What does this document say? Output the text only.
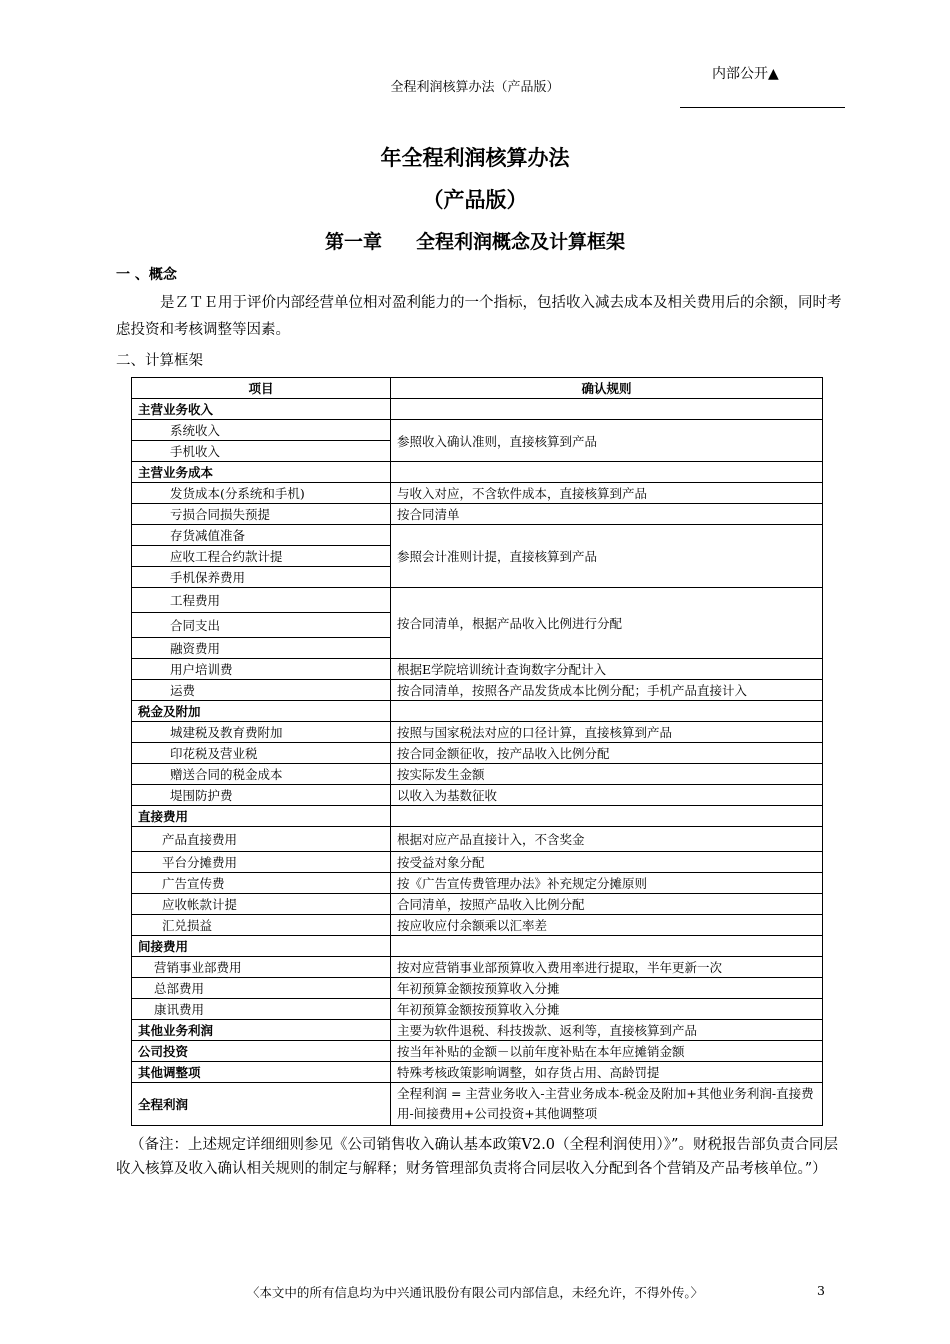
全程利润核算办法（产品版）
内部公开▲
年全程利润核算办法
（产品版）
第一章 全程利润概念及计算框架
一 、概念
是ＺＴＥ用于评价内部经营单位相对盈利能力的一个指标，包括收入减去成本及相关费用后的余额，同时考虑投资和考核调整等因素。
二、计算框架
项目	确认规则
主营业务收入	
系统收入	参照收入确认准则，直接核算到产品
手机收入	
主营业务成本	
发货成本(分系统和手机)	与收入对应，不含软件成本，直接核算到产品
亏损合同损失预提	按合同清单
存货减值准备	参照会计准则计提，直接核算到产品
应收工程合约款计提	
手机保养费用	
工程费用	按合同清单，根据产品收入比例进行分配
合同支出	
融资费用	
用户培训费	根据E学院培训统计查询数字分配计入
运费	按合同清单，按照各产品发货成本比例分配；手机产品直接计入
税金及附加	
城建税及教育费附加	按照与国家税法对应的口径计算，直接核算到产品
印花税及营业税	按合同金额征收，按产品收入比例分配
赠送合同的税金成本	按实际发生金额
堤围防护费	以收入为基数征收
直接费用	
产品直接费用	根据对应产品直接计入，不含奖金
平台分摊费用	按受益对象分配
广告宣传费	按《广告宣传费管理办法》补充规定分摊原则
应收帐款计提	合同清单，按照产品收入比例分配
汇兑损益	按应收应付余额乘以汇率差
间接费用	
营销事业部费用	按对应营销事业部预算收入费用率进行提取，半年更新一次
总部费用	年初预算金额按预算收入分摊
康讯费用	年初预算金额按预算收入分摊
其他业务利润	主要为软件退税、科技拨款、返利等，直接核算到产品
公司投资	按当年补贴的金额－以前年度补贴在本年应摊销金额
其他调整项	特殊考核政策影响调整，如存货占用、高龄罚提
全程利润	全程利润 = 主营业务收入-主营业务成本-税金及附加+其他业务利润-直接费用-间接费用+公司投资+其他调整项
（备注：上述规定详细细则参见《公司销售收入确认基本政策V2.0（全程利润使用）》”。财税报告部负责合同层收入核算及收入确认相关规则的制定与解释；财务管理部负责将合同层收入分配到各个营销及产品考核单位。”）
〈本文中的所有信息均为中兴通讯股份有限公司内部信息，未经允许，不得外传。〉	3
